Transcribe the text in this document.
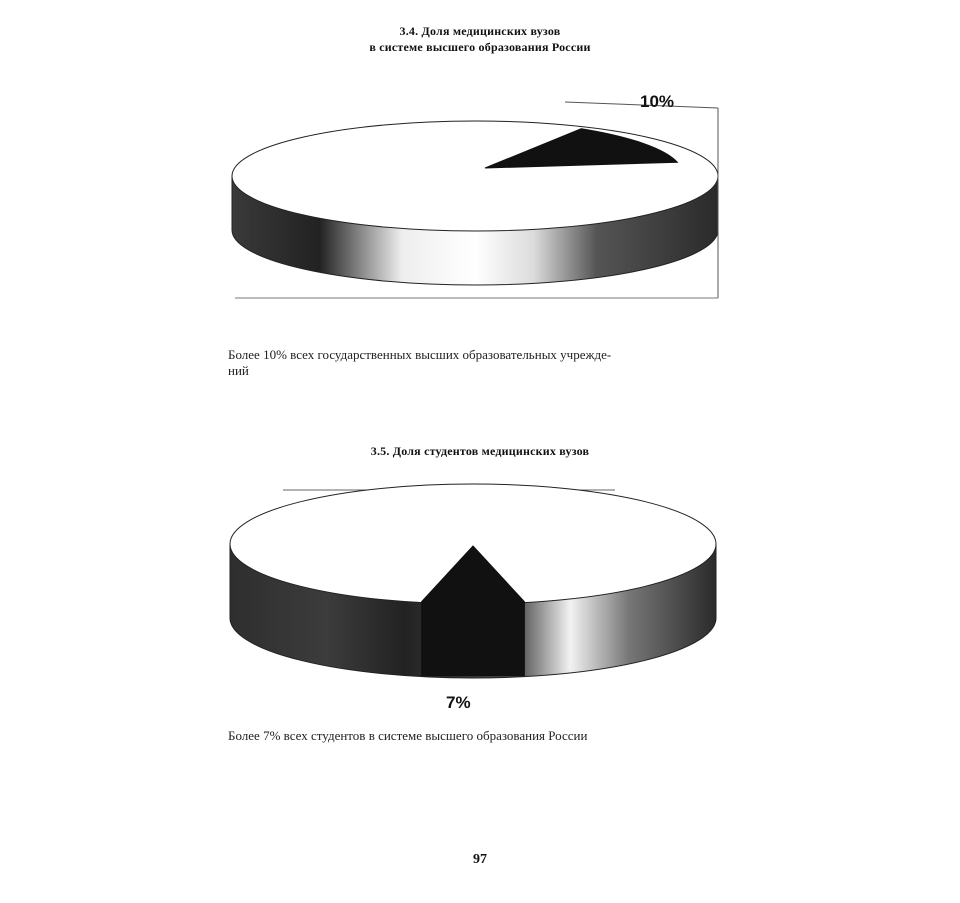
3.4. Доля медицинских вузов
в системе высшего образования России
10%
Более 10% всех государственных высших образовательных учрежде-
ний
3.5. Доля студентов медицинских вузов
7%
Более 7% всех студентов в системе высшего образования России
97
